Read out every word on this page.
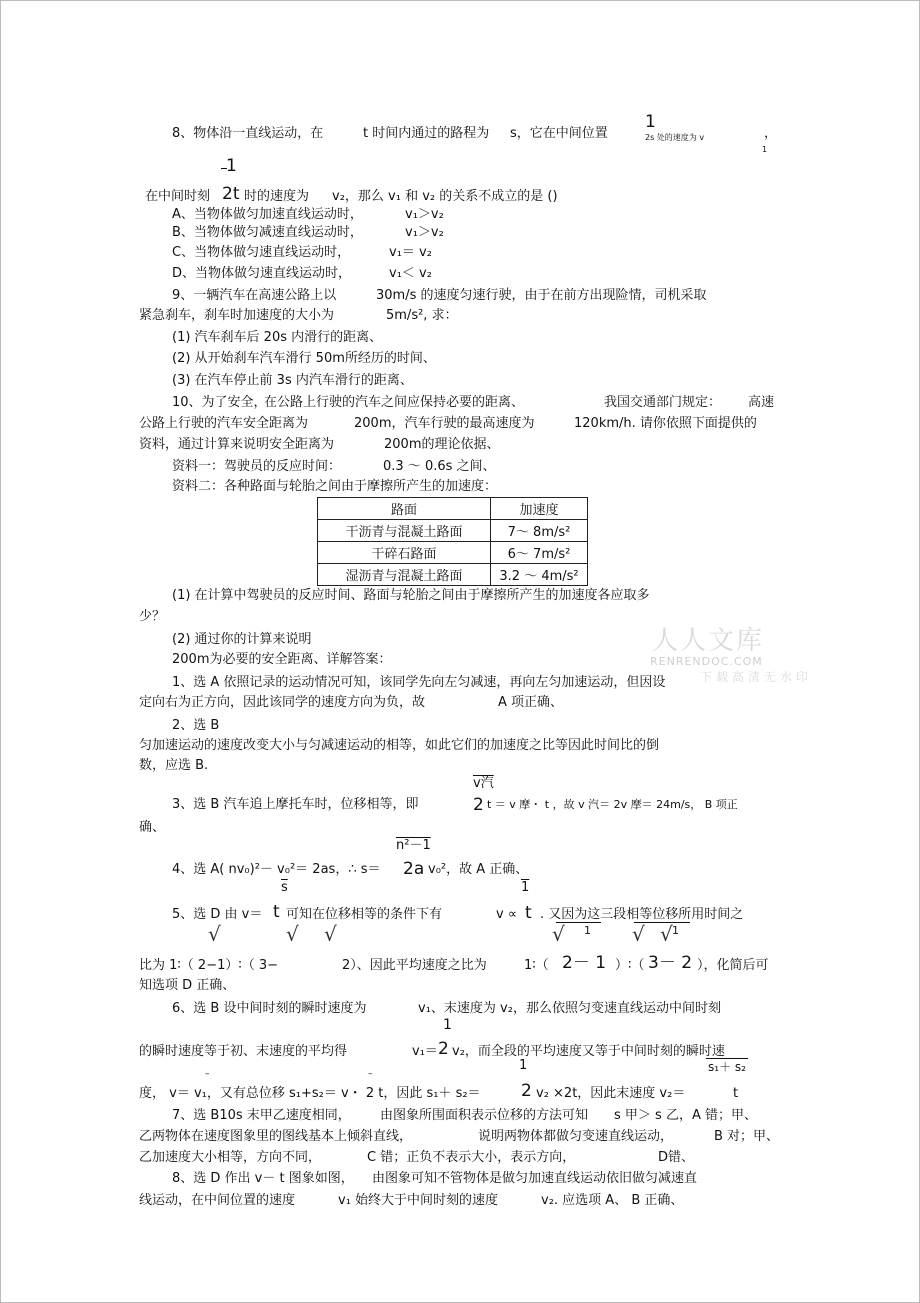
8、物体沿一直线运动，在	t 时间内通过的路程为 s，它在中间位置
1
2s 处的速度为 v	，
1
1
在中间时刻 2t 时的速度为 v₂，那么 v₁ 和 v₂ 的关系不成立的是 ()
A、当物体做匀加速直线运动时，	v₁＞v₂
B、当物体做匀减速直线运动时，	v₁＞v₂
C、当物体做匀速直线运动时，	v₁＝ v₂
D、当物体做匀速直线运动时，	v₁＜ v₂
9、一辆汽车在高速公路上以	30m/s 的速度匀速行驶，由于在前方出现险情，司机采取
紧急刹车，刹车时加速度的大小为	5m/s², 求：
(1) 汽车刹车后 20s 内滑行的距离、
(2) 从开始刹车汽车滑行 50m所经历的时间、
(3) 在汽车停止前 3s 内汽车滑行的距离、
10、为了安全，
在公路上行驶的汽车之间应保持必要的距离、	我国交通部门规定： 高速
公路上行驶的汽车安全距离为	200m，汽车行驶的最高速度为	120km/h. 请你依照下面提供的
资料，通过计算来说明安全距离为	200m的理论依据、
资料一：驾驶员的反应时间：	0.3 ～ 0.6s 之间、
资料二：各种路面与轮胎之间由于摩擦所产生的加速度：
路面	加速度
干沥青与混凝土路面	7～ 8m/s²
干碎石路面	6～ 7m/s²
湿沥青与混凝土路面	3.2 ～ 4m/s²
(1) 在计算中驾驶员的反应时间、路面与轮胎之间由于摩擦所产生的加速度各应取多
少？
(2) 通过你的计算来说明
200m为必要的安全距离、详解答案：
人人文库
RENRENDOC.COM
下载高清无水印
1、选 A 依照记录的运动情况可知，该同学先向左匀减速，再向左匀加速运动，但因设
定向右为正方向，因此该同学的速度方向为负，故	A 项正确、
2、选 B
匀加速运动的速度改变大小与匀减速运动的相等，如此它们的加速度之比等因此时间比的倒
数，应选 B.
v汽
3、选 B 汽车追上摩托车时，位移相等，即	2 t ＝ v 摩・ t ，故 v 汽＝ 2v 摩＝ 24m/s， B 项正
确、
n²－1
4、选 A( nv₀)²－ v₀²＝ 2as，∴ s＝ 2a v₀²，故 A 正确、
$\overline{s}$	1
5、选 D 由 v＝ t 可知在位移相等的条件下有	v ∝ t . 又因为这三段相等位移所用时间之
√	√ √	√	√ √
1	1
比为 1∶（ 2−1）∶（ 3−	2）、因此平均速度之比为	1∶（ 2－ 1 ）∶（ 3－ 2 ），化简后可
知选项 D 正确、
6、选 B 设中间时刻的瞬时速度为	v₁、末速度为 v₂，那么依照匀变速直线运动中间时刻
1
的瞬时速度等于初、末速度的平均得	v₁＝ 2 v₂，而全段的平均速度又等于中间时刻的瞬时速
–	–
1	s₁＋ s₂
度， v＝ v₁，又有总位移 s₁+s₂＝ v・ 2 t，因此 s₁＋ s₂＝ 2 v₂ ×2t，因此末速度 v₂＝	t
7、选 B10s 末甲乙速度相同， 由图象所围面积表示位移的方法可知 s 甲＞ s 乙，A 错；甲、
乙两物体在速度图象里的图线基本上倾斜直线，	说明两物体都做匀变速直线运动，	B 对；甲、
乙加速度大小相等，方向不同，	C 错；正负不表示大小，表示方向，	D错、
8、选 D 作出 v－ t 图象如图， 由图象可知不管物体是做匀加速直线运动依旧做匀减速直
线运动，在中间位置的速度	v₁ 始终大于中间时刻的速度	v₂. 应选项 A、 B 正确、
